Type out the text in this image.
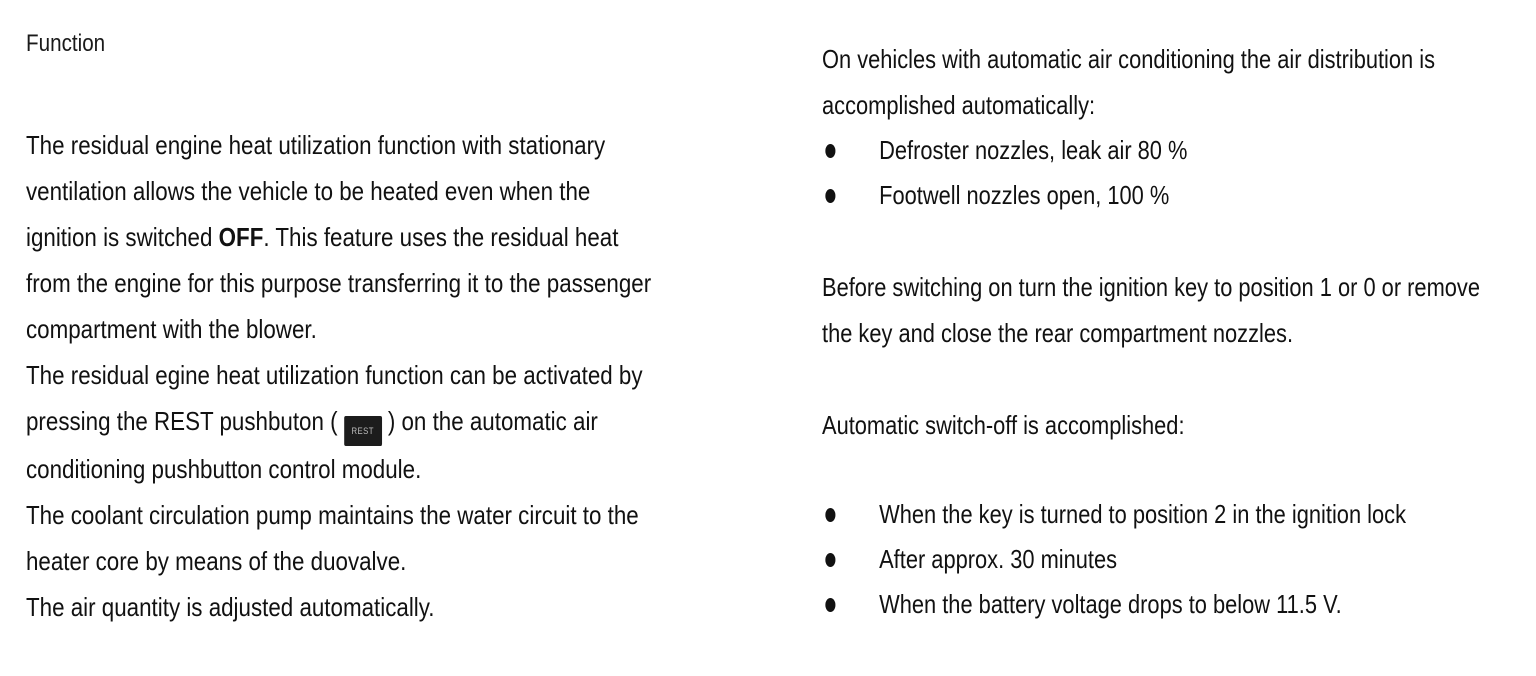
Function

The residual engine heat utilization function with stationary ventilation allows the vehicle to be heated even when the ignition is switched OFF. This feature uses the residual heat from the engine for this purpose transferring it to the passenger compartment with the blower.

The residual egine heat utilization function can be activated by pressing the REST pushbuton ( REST ) on the automatic air conditioning pushbutton control module.

The coolant circulation pump maintains the water circuit to the heater core by means of the duovalve.

The air quantity is adjusted automatically.

On vehicles with automatic air conditioning the air distribution is accomplished automatically:

Defroster nozzles, leak air 80 %
Footwell nozzles open, 100 %

Before switching on turn the ignition key to position 1 or 0 or remove the key and close the rear compartment nozzles.

Automatic switch-off is accomplished:

When the key is turned to position 2 in the ignition lock
After approx. 30 minutes
When the battery voltage drops to below 11.5 V.
